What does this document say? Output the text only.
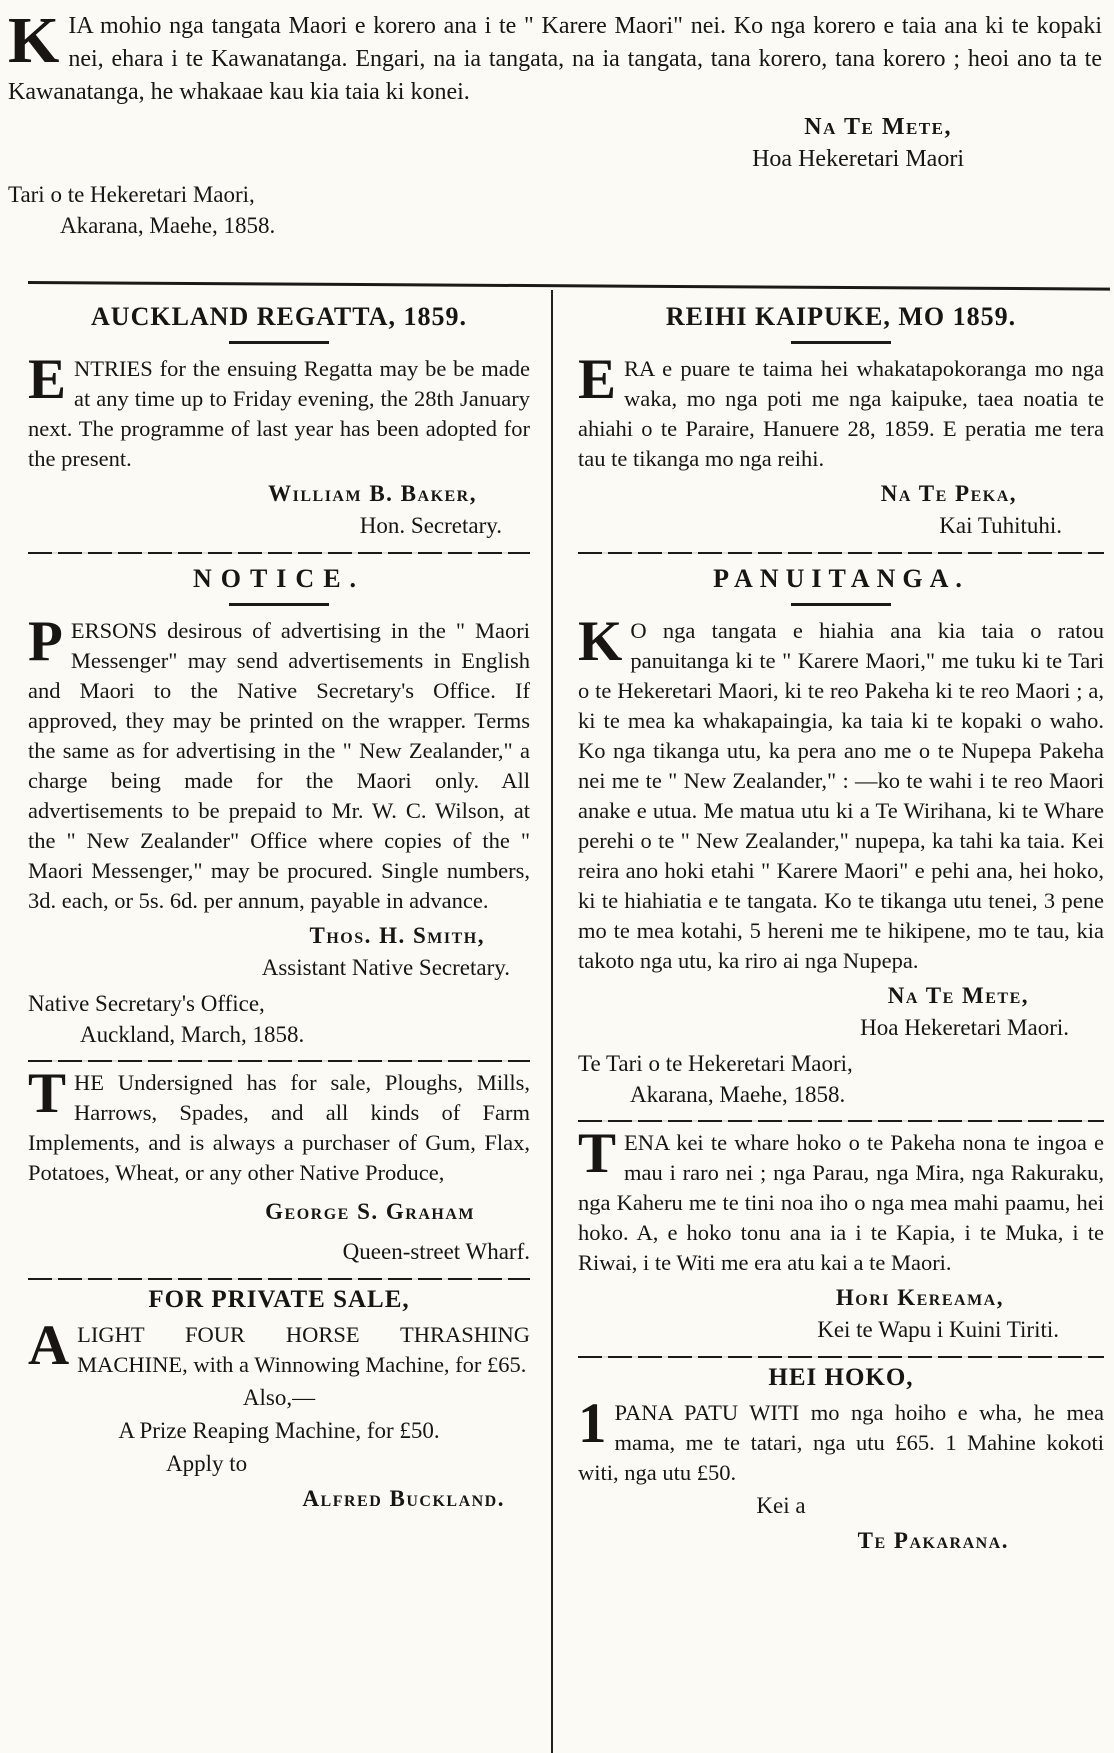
KIA mohio nga tangata Maori e korero ana i te " Karere Maori" nei. Ko nga korero e taia ana ki te kopaki nei, ehara i te Kawanatanga. Engari, na ia tangata, na ia tangata, tana korero, tana korero ; heoi ano ta te Kawanatanga, he whakaae kau kia taia ki konei.

Na Te Mete,
Hoa Hekeretari Maori
Tari o te Hekeretari Maori,
Akarana, Maehe, 1858.
AUCKLAND REGATTA, 1859.

ENTRIES for the ensuing Regatta may be be made at any time up to Friday evening, the 28th January next. The programme of last year has been adopted for the present.

William B. Baker,
Hon. Secretary.
NOTICE.

PERSONS desirous of advertising in the " Maori Messenger" may send advertisements in English and Maori to the Native Secretary's Office. If approved, they may be printed on the wrapper. Terms the same as for advertising in the " New Zealander," a charge being made for the Maori only. All advertisements to be prepaid to Mr. W. C. Wilson, at the " New Zealander" Office where copies of the " Maori Messenger," may be procured. Single numbers, 3d. each, or 5s. 6d. per annum, payable in advance.

Thos. H. Smith,
Assistant Native Secretary.
Native Secretary's Office,
Auckland, March, 1858.

THE Undersigned has for sale, Ploughs, Mills, Harrows, Spades, and all kinds of Farm Implements, and is always a purchaser of Gum, Flax, Potatoes, Wheat, or any other Native Produce,

George S. Graham
Queen-street Wharf.
FOR PRIVATE SALE,

ALIGHT FOUR HORSE THRASHING MACHINE, with a Winnowing Machine, for £65.

Also,—
A Prize Reaping Machine, for £50.
Apply to
Alfred Buckland.
REIHI KAIPUKE, MO 1859.

ERA e puare te taima hei whakatapokoranga mo nga waka, mo nga poti me nga kaipuke, taea noatia te ahiahi o te Paraire, Hanuere 28, 1859. E peratia me tera tau te tikanga mo nga reihi.

Na Te Peka,
Kai Tuhituhi.
PANUITANGA.

K O nga tangata e hiahia ana kia taia o ratou panuitanga ki te " Karere Maori," me tuku ki te Tari o te Hekeretari Maori, ki te reo Pakeha ki te reo Maori ; a, ki te mea ka whakapaingia, ka taia ki te kopaki o waho. Ko nga tikanga utu, ka pera ano me o te Nupepa Pakeha nei me te " New Zealander," : —ko te wahi i te reo Maori anake e utua. Me matua utu ki a Te Wirihana, ki te Whare perehi o te " New Zealander," nupepa, ka tahi ka taia. Kei reira ano hoki etahi " Karere Maori" e pehi ana, hei hoko, ki te hiahiatia e te tangata. Ko te tikanga utu tenei, 3 pene mo te mea kotahi, 5 hereni me te hikipene, mo te tau, kia takoto nga utu, ka riro ai nga Nupepa.

Na Te Mete,
Hoa Hekeretari Maori.
Te Tari o te Hekeretari Maori,
Akarana, Maehe, 1858.

TENA kei te whare hoko o te Pakeha nona te ingoa e mau i raro nei ; nga Parau, nga Mira, nga Rakuraku, nga Kaheru me te tini noa iho o nga mea mahi paamu, hei hoko. A, e hoko tonu ana ia i te Kapia, i te Muka, i te Riwai, i te Witi me era atu kai a te Maori.

Hori Kereama,
Kei te Wapu i Kuini Tiriti.
HEI HOKO,

1 PANA PATU WITI mo nga hoiho e wha, he mea mama, me te tatari, nga utu £65. 1 Mahine kokoti witi, nga utu £50.

Kei a
Te Pakarana.
